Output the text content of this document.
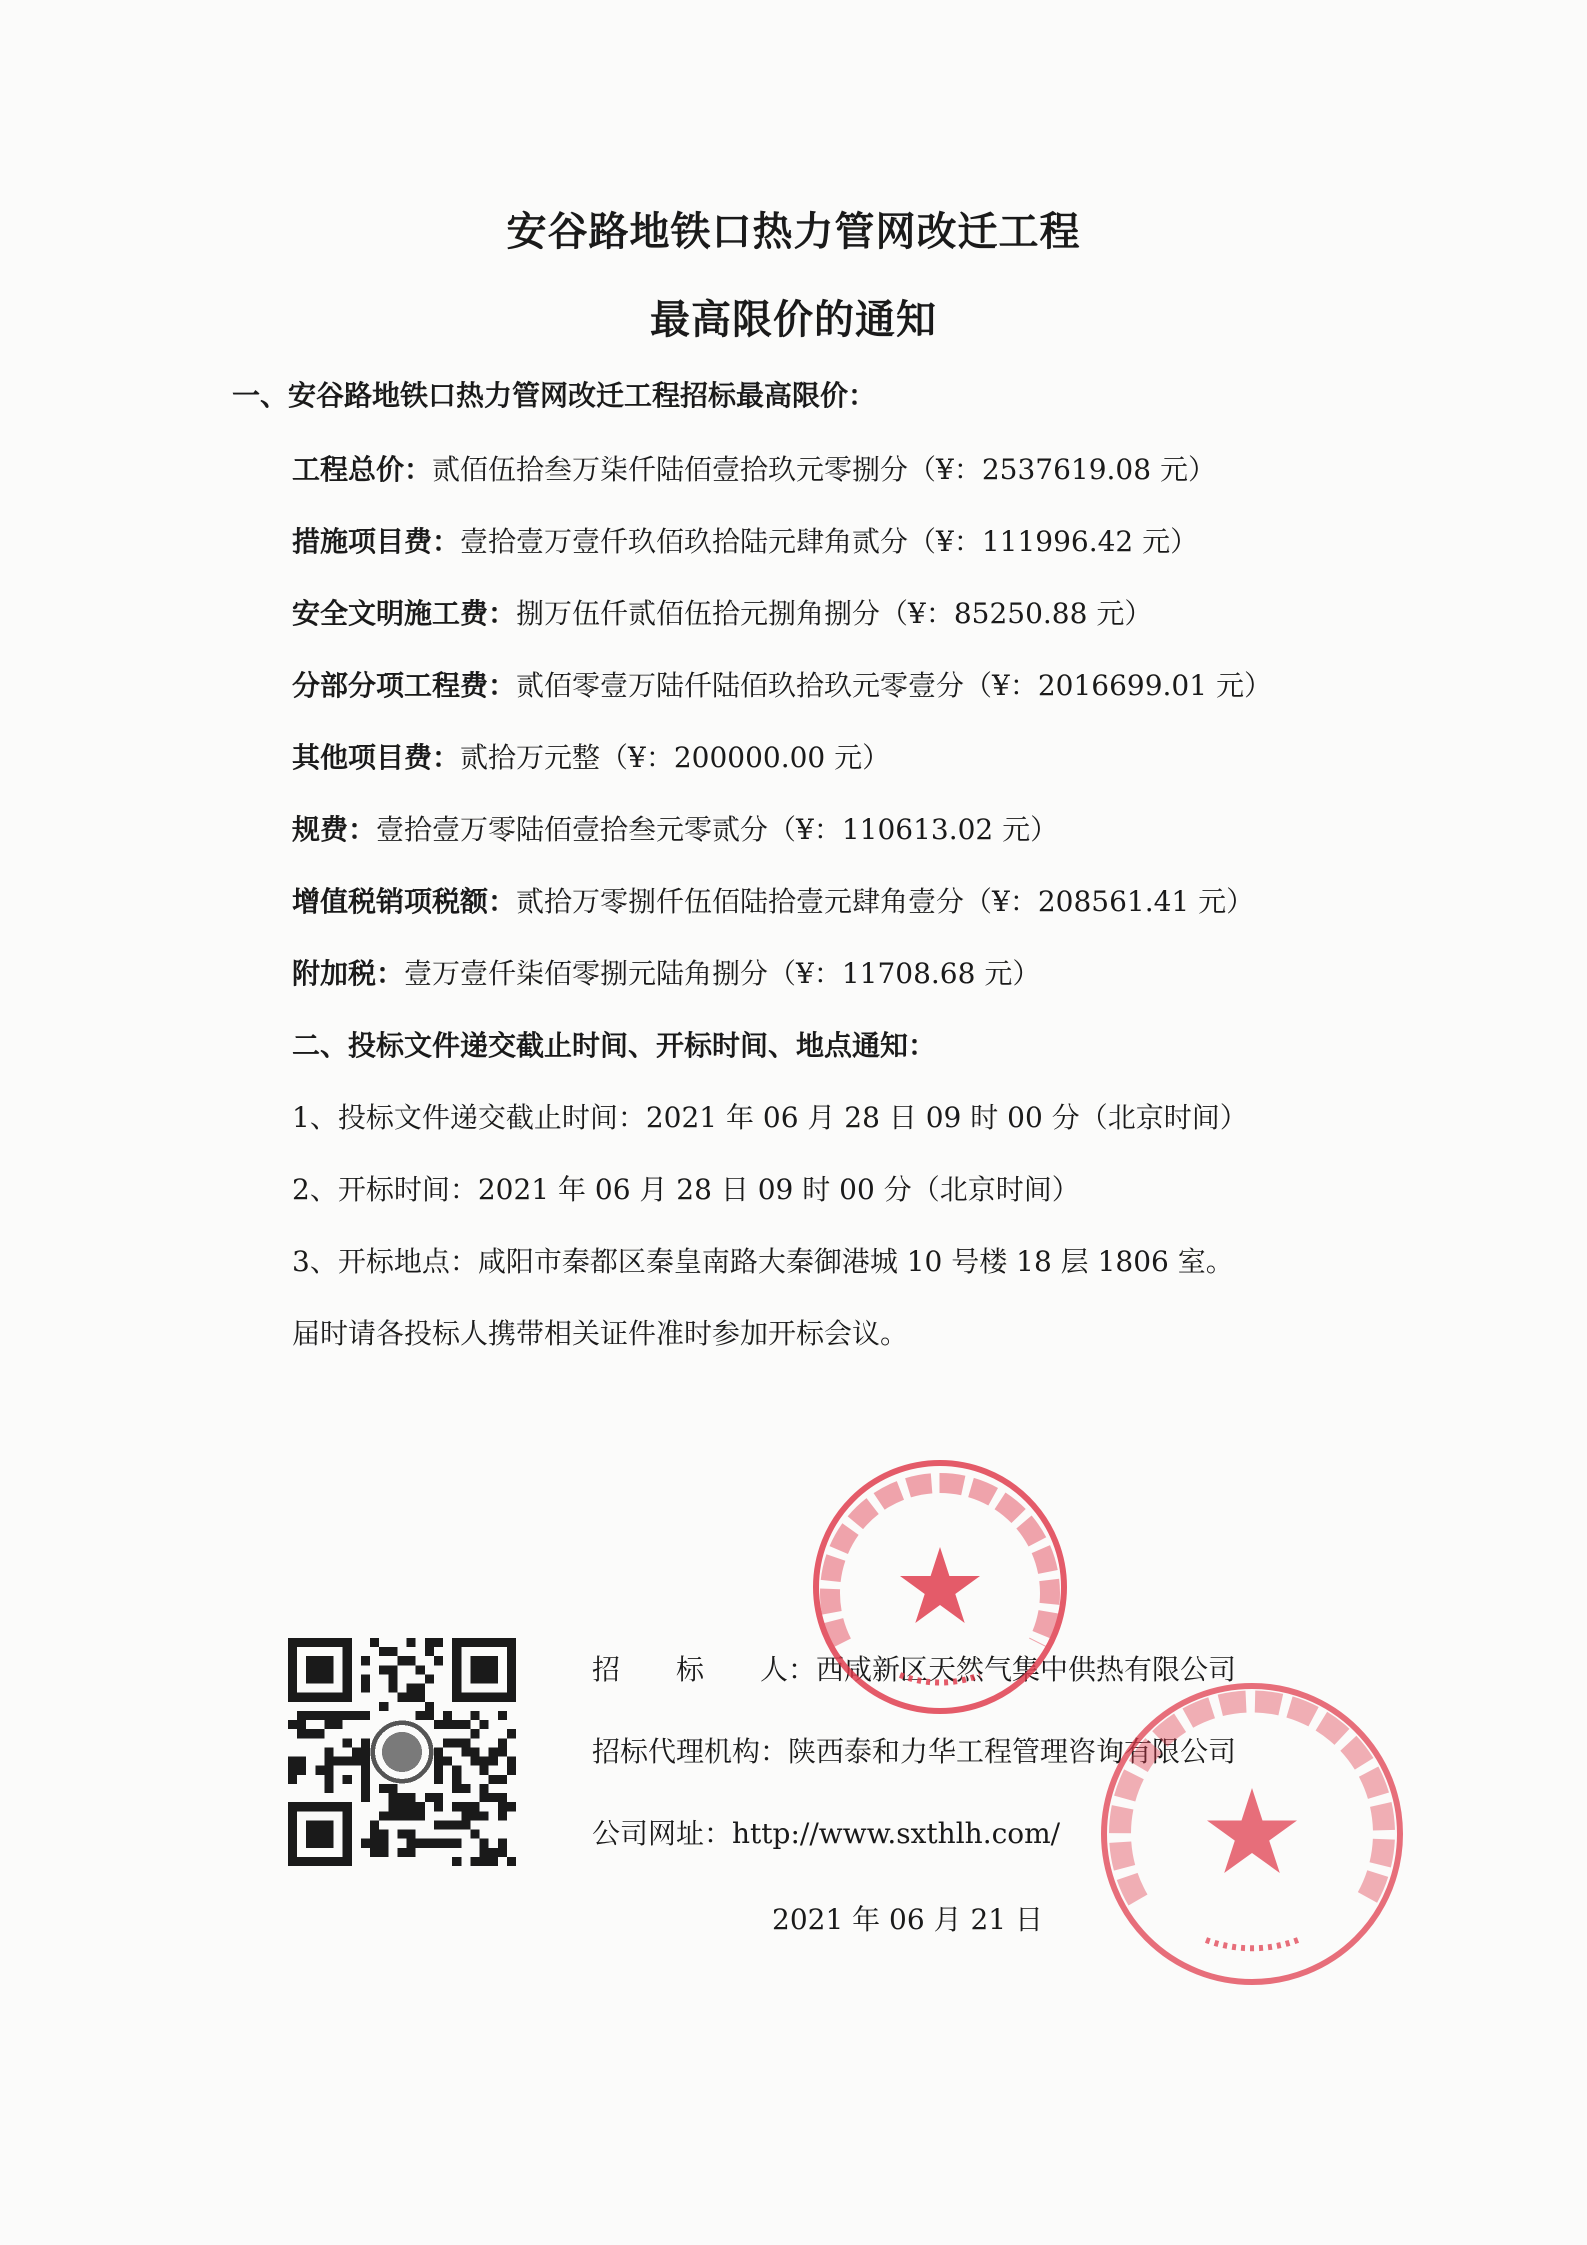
安谷路地铁口热力管网改迁工程
最高限价的通知
一、安谷路地铁口热力管网改迁工程招标最高限价：
工程总价：贰佰伍拾叁万柒仟陆佰壹拾玖元零捌分（¥：2537619.08 元）
措施项目费：壹拾壹万壹仟玖佰玖拾陆元肆角贰分（¥：111996.42 元）
安全文明施工费：捌万伍仟贰佰伍拾元捌角捌分（¥：85250.88 元）
分部分项工程费：贰佰零壹万陆仟陆佰玖拾玖元零壹分（¥：2016699.01 元）
其他项目费：贰拾万元整（¥：200000.00 元）
规费：壹拾壹万零陆佰壹拾叁元零贰分（¥：110613.02 元）
增值税销项税额：贰拾万零捌仟伍佰陆拾壹元肆角壹分（¥：208561.41 元）
附加税：壹万壹仟柒佰零捌元陆角捌分（¥：11708.68 元）
二、投标文件递交截止时间、开标时间、地点通知：
1、投标文件递交截止时间：2021 年 06 月 28 日 09 时 00 分（北京时间）
2、开标时间：2021 年 06 月 28 日 09 时 00 分（北京时间）
3、开标地点：咸阳市秦都区秦皇南路大秦御港城 10 号楼 18 层 1806 室。
届时请各投标人携带相关证件准时参加开标会议。
招　　标　　人：西咸新区天然气集中供热有限公司
招标代理机构：陕西泰和力华工程管理咨询有限公司
公司网址：http://www.sxthlh.com/
2021 年 06 月 21 日
